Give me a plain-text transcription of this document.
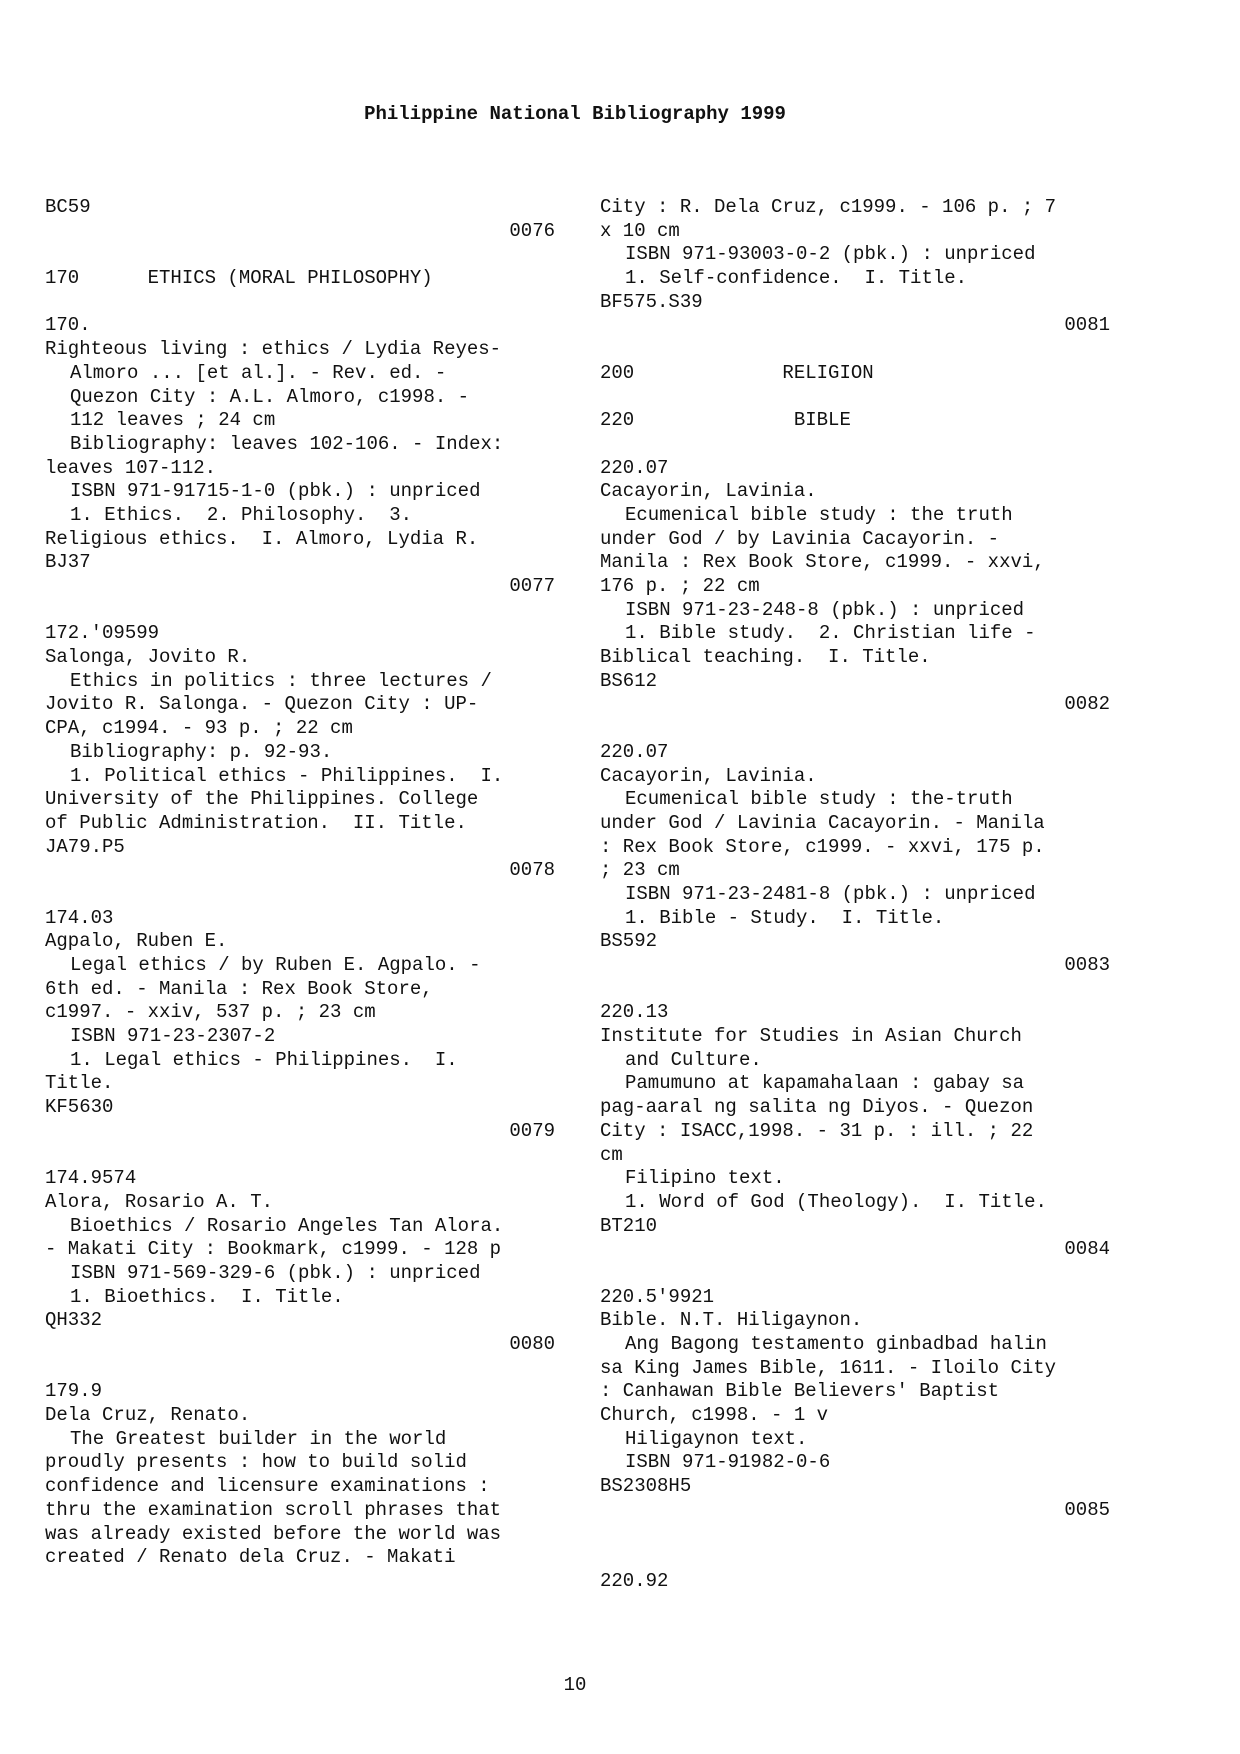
Philippine National Bibliography 1999
BC59
0076
170      ETHICS (MORAL PHILOSOPHY)
170.
Righteous living : ethics / Lydia Reyes-
Almoro ... [et al.]. - Rev. ed. -
Quezon City : A.L. Almoro, c1998. -
112 leaves ; 24 cm
Bibliography: leaves 102-106. - Index:
leaves 107-112.
ISBN 971-91715-1-0 (pbk.) : unpriced
1. Ethics.  2. Philosophy.  3.
Religious ethics.  I. Almoro, Lydia R.
BJ37
0077
172.'09599
Salonga, Jovito R.
Ethics in politics : three lectures /
Jovito R. Salonga. - Quezon City : UP-
CPA, c1994. - 93 p. ; 22 cm
Bibliography: p. 92-93.
1. Political ethics - Philippines.  I.
University of the Philippines. College
of Public Administration.  II. Title.
JA79.P5
0078
174.03
Agpalo, Ruben E.
Legal ethics / by Ruben E. Agpalo. -
6th ed. - Manila : Rex Book Store,
c1997. - xxiv, 537 p. ; 23 cm
ISBN 971-23-2307-2
1. Legal ethics - Philippines.  I.
Title.
KF5630
0079
174.9574
Alora, Rosario A. T.
Bioethics / Rosario Angeles Tan Alora.
- Makati City : Bookmark, c1999. - 128 p
ISBN 971-569-329-6 (pbk.) : unpriced
1. Bioethics.  I. Title.
QH332
0080
179.9
Dela Cruz, Renato.
The Greatest builder in the world
proudly presents : how to build solid
confidence and licensure examinations :
thru the examination scroll phrases that
was already existed before the world was
created / Renato dela Cruz. - Makati
City : R. Dela Cruz, c1999. - 106 p. ; 7
x 10 cm
ISBN 971-93003-0-2 (pbk.) : unpriced
1. Self-confidence.  I. Title.
BF575.S39
0081
200             RELIGION
220              BIBLE
220.07
Cacayorin, Lavinia.
Ecumenical bible study : the truth
under God / by Lavinia Cacayorin. -
Manila : Rex Book Store, c1999. - xxvi,
176 p. ; 22 cm
ISBN 971-23-248-8 (pbk.) : unpriced
1. Bible study.  2. Christian life -
Biblical teaching.  I. Title.
BS612
0082
220.07
Cacayorin, Lavinia.
Ecumenical bible study : the-truth
under God / Lavinia Cacayorin. - Manila
: Rex Book Store, c1999. - xxvi, 175 p.
; 23 cm
ISBN 971-23-2481-8 (pbk.) : unpriced
1. Bible - Study.  I. Title.
BS592
0083
220.13
Institute for Studies in Asian Church
and Culture.
Pamumuno at kapamahalaan : gabay sa
pag-aaral ng salita ng Diyos. - Quezon
City : ISACC,1998. - 31 p. : ill. ; 22
cm
Filipino text.
1. Word of God (Theology).  I. Title.
BT210
0084
220.5'9921
Bible. N.T. Hiligaynon.
Ang Bagong testamento ginbadbad halin
sa King James Bible, 1611. - Iloilo City
: Canhawan Bible Believers' Baptist
Church, c1998. - 1 v
Hiligaynon text.
ISBN 971-91982-0-6
BS2308H5
0085
220.92
10
